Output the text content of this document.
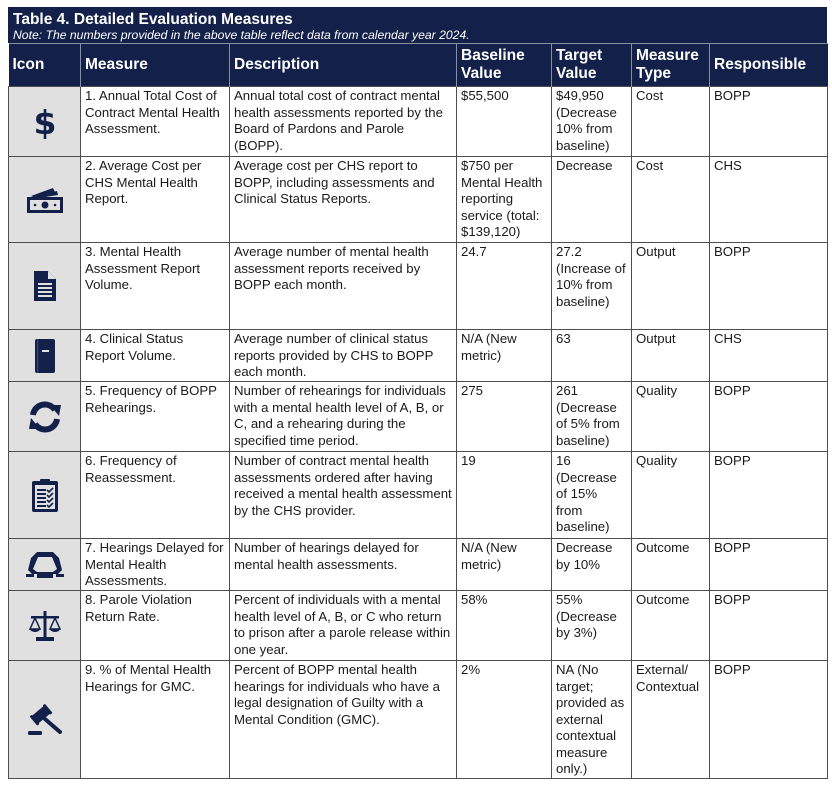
Table 4. Detailed Evaluation Measures
Note: The numbers provided in the above table reflect data from calendar year 2024.
Icon	Measure	Description	Baseline Value	Target Value	Measure Type	Responsible

$	1. Annual Total Cost of Contract Mental Health Assessment.	Annual total cost of contract mental health assessments reported by the Board of Pardons and Parole (BOPP).	$55,500	$49,950 (Decrease 10% from baseline)	Cost	BOPP
	2. Average Cost per CHS Mental Health Report.	Average cost per CHS report to BOPP, including assessments and Clinical Status Reports.	$750 per Mental Health reporting service (total: $139,120)	Decrease	Cost	CHS
	3. Mental Health Assessment Report Volume.	Average number of mental health assessment reports received by BOPP each month.	24.7	27.2 (Increase of 10% from baseline)	Output	BOPP
	4. Clinical Status Report Volume.	Average number of clinical status reports provided by CHS to BOPP each month.	N/A (New metric)	63	Output	CHS
	5. Frequency of BOPP Rehearings.	Number of rehearings for individuals with a mental health level of A, B, or C, and a rehearing during the specified time period.	275	261 (Decrease of 5% from baseline)	Quality	BOPP
	6. Frequency of Reassessment.	Number of contract mental health assessments ordered after having received a mental health assessment by the CHS provider.	19	16 (Decrease of 15% from baseline)	Quality	BOPP
	7. Hearings Delayed for Mental Health Assessments.	Number of hearings delayed for mental health assessments.	N/A (New metric)	Decrease by 10%	Outcome	BOPP
	8. Parole Violation Return Rate.	Percent of individuals with a mental health level of A, B, or C who return to prison after a parole release within one year.	58%	55% (Decrease by 3%)	Outcome	BOPP
	9. % of Mental Health Hearings for GMC.	Percent of BOPP mental health hearings for individuals who have a legal designation of Guilty with a Mental Condition (GMC).	2%	NA (No target; provided as external contextual measure only.)	External/ Contextual	BOPP
